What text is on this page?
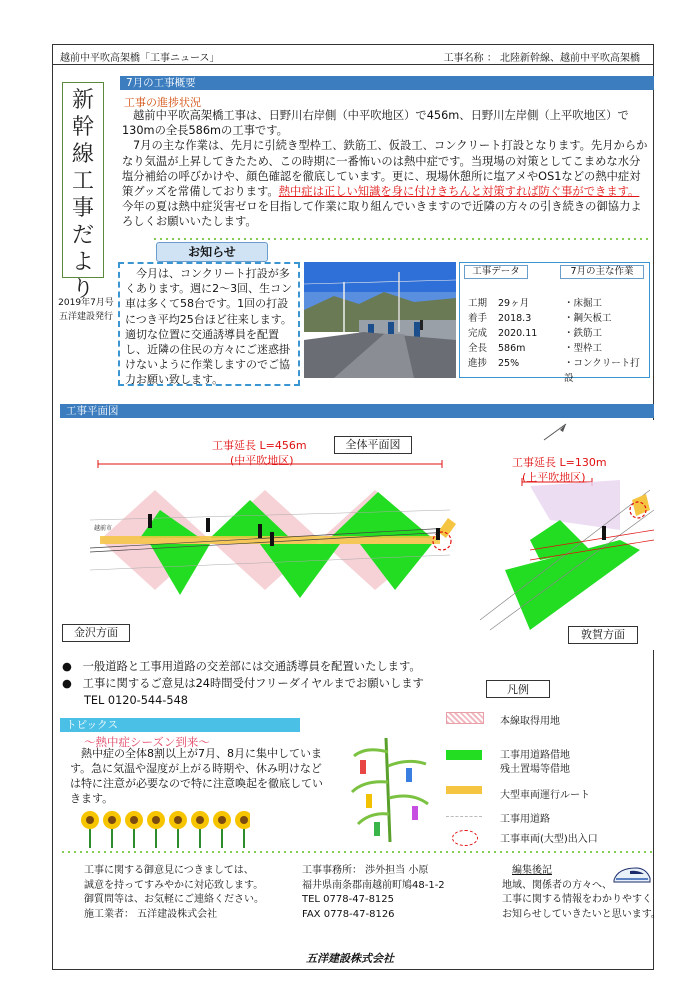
越前中平吹高架橋「工事ニュース」	工事名称 ： 北陸新幹線、越前中平吹高架橋
新幹線工事だより
2019年7月号
五洋建設発行
7月の工事概要
工事の進捗状況
越前中平吹高架橋工事は、日野川右岸側（中平吹地区）で456m、日野川左岸側（上平吹地区）で130mの全長586mの工事です。
7月の主な作業は、先月に引続き型枠工、鉄筋工、仮設工、コンクリート打設となります。先月からかなり気温が上昇してきたため、この時期に一番怖いのは熱中症です。当現場の対策としてこまめな水分塩分補給の呼びかけや、顔色確認を徹底しています。更に、現場休憩所に塩アメやOS1などの熱中症対策グッズを常備しております。熱中症は正しい知識を身に付けきちんと対策すれば防ぐ事ができます。今年の夏は熱中症災害ゼロを目指して作業に取り組んでいきますので近隣の方々の引き続きの御協力よろしくお願いいたします。
お知らせ
今月は、コンクリート打設が多くあります。週に2～3回、生コン車は多くて58台です。1回の打設につき平均25台ほど往来します。適切な位置に交通誘導員を配置し、近隣の住民の方々にご迷惑掛けないように作業しますのでご協力お願い致します。
工事データ	7月の主な作業
工期 29ヶ月	・床掘工
着手 2018.3	・鋼矢板工
完成 2020.11	・鉄筋工
全長 586m	・型枠工
進捗 25%	・コンクリート打設
工事平面図
工事延長 L=456m
(中平吹地区)
全体平面図
工事延長 L=130m
(上平吹地区)
越前市
金沢方面	敦賀方面
●   一般道路と工事用道路の交差部には交通誘導員を配置いたします。
●   工事に関するご意見は24時間受付フリーダイヤルまでお願いします
TEL 0120-544-548
凡例
本線取得用地
工事用道路借地
残土置場等借地
大型車両運行ルート
工事用道路
工事車両(大型)出入口
トピックス
～熱中症シーズン到来～
熱中症の全体8割以上が7月、8月に集中しています。急に気温や湿度が上がる時期や、休み明けなどは特に注意が必要なので特に注意喚起を徹底していきます。
工事に関する御意見につきましては、
誠意を持ってすみやかに対応致します。
御質問等は、お気軽にご連絡ください。
施工業者： 五洋建設株式会社
工事事務所： 渉外担当 小原
福井県南条郡南越前町鳩48-1-2
TEL 0778-47-8125
FAX 0778-47-8126
編集後記
地域、関係者の方々へ、
工事に関する情報をわかりやすく
お知らせしていきたいと思います。
五洋建設株式会社
